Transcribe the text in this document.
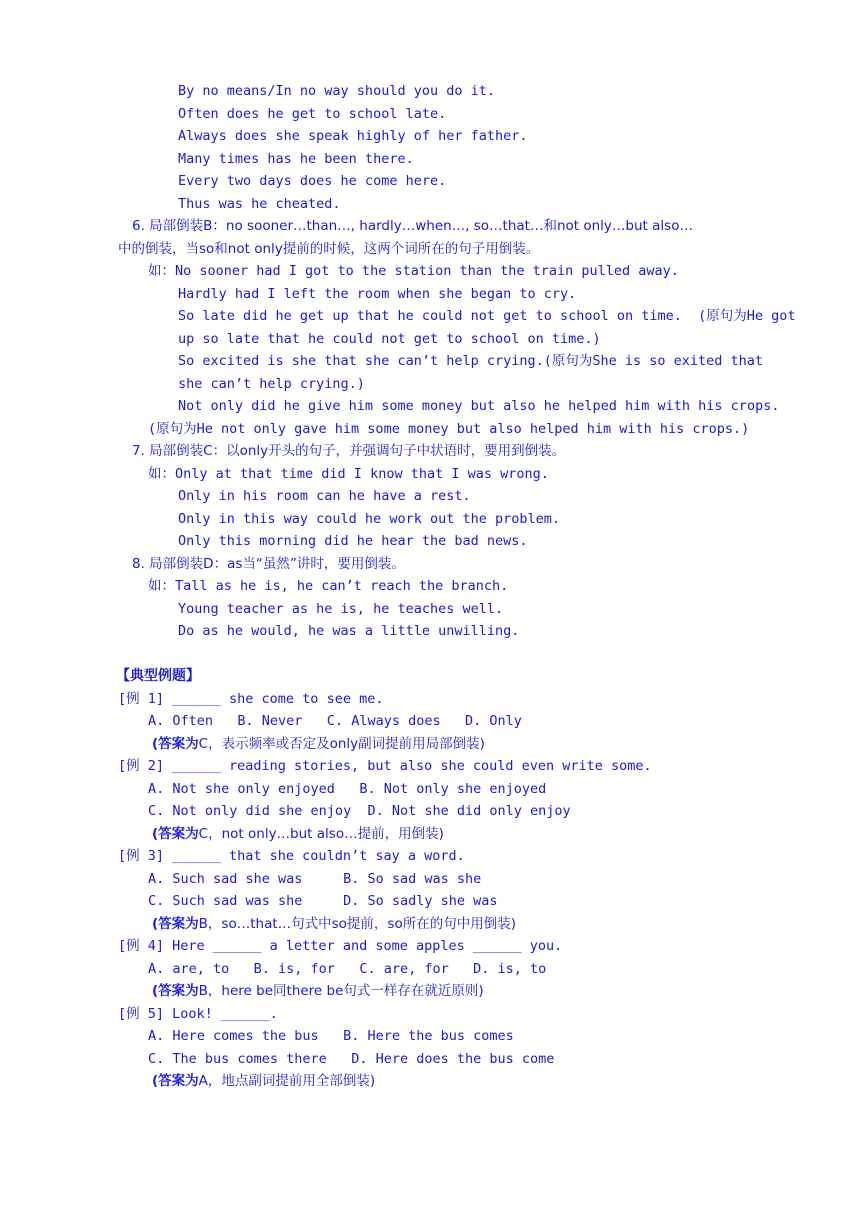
By no means/In no way should you do it.
Often does he get to school late.
Always does she speak highly of her father.
Many times has he been there.
Every two days does he come here.
Thus was he cheated.
6. 局部倒装B：no sooner…than…, hardly…when…, so…that…和not only…but also…
中的倒装，当so和not only提前的时候，这两个词所在的句子用倒装。
如：No sooner had I got to the station than the train pulled away.
Hardly had I left the room when she began to cry.
So late did he get up that he could not get to school on time.  (原句为He got
up so late that he could not get to school on time.)
So excited is she that she can’t help crying.(原句为She is so exited that
she can’t help crying.)
Not only did he give him some money but also he helped him with his crops.
(原句为He not only gave him some money but also helped him with his crops.)
7. 局部倒装C：以only开头的句子，并强调句子中状语时，要用到倒装。
如：Only at that time did I know that I was wrong.
Only in his room can he have a rest.
Only in this way could he work out the problem.
Only this morning did he hear the bad news.
8. 局部倒装D：as当“虽然”讲时，要用倒装。
如：Tall as he is, he can’t reach the branch.
Young teacher as he is, he teaches well.
Do as he would, he was a little unwilling.
【典型例题】
[例 1] ______ she come to see me.
A. Often   B. Never   C. Always does   D. Only
(答案为C，表示频率或否定及only副词提前用局部倒装)
[例 2] ______ reading stories, but also she could even write some.
A. Not she only enjoyed   B. Not only she enjoyed
C. Not only did she enjoy  D. Not she did only enjoy
(答案为C，not only…but also…提前，用倒装)
[例 3] ______ that she couldn’t say a word.
A. Such sad she was     B. So sad was she
C. Such sad was she     D. So sadly she was
(答案为B，so…that…句式中so提前，so所在的句中用倒装)
[例 4] Here ______ a letter and some apples ______ you.
A. are, to   B. is, for   C. are, for   D. is, to
(答案为B，here be同there be句式一样存在就近原则)
[例 5] Look! ______.
A. Here comes the bus   B. Here the bus comes
C. The bus comes there   D. Here does the bus come
(答案为A，地点副词提前用全部倒装)
